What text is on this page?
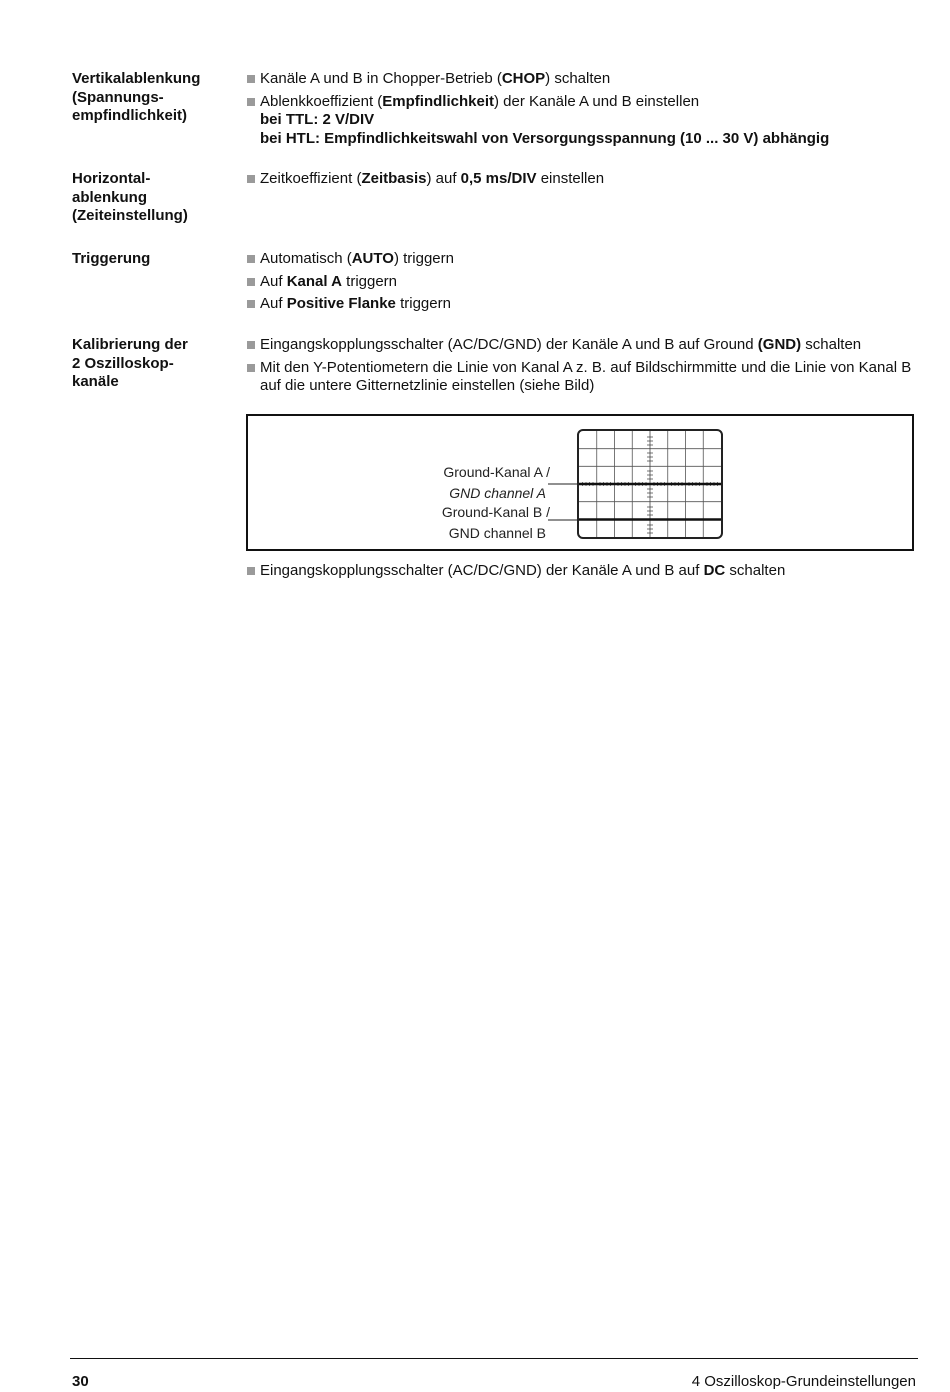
Vertikalablenkung
(Spannungs-
empfindlichkeit)
Kanäle A und B in Chopper-Betrieb (CHOP) schalten
Ablenkkoeffizient (Empfindlichkeit) der Kanäle A und B einstellen
bei TTL: 2 V/DIV
bei HTL: Empfindlichkeitswahl von Versorgungsspannung (10 ... 30 V) abhängig
Horizontal-
ablenkung
(Zeiteinstellung)
Zeitkoeffizient (Zeitbasis) auf 0,5 ms/DIV einstellen
Triggerung	Automatisch (AUTO) triggern
Auf Kanal A triggern
Auf Positive Flanke triggern
Kalibrierung der
2 Oszilloskop-
kanäle
Eingangskopplungsschalter (AC/DC/GND) der Kanäle A und B auf Ground (GND) schalten
Mit den Y-Potentiometern die Linie von Kanal A z. B. auf Bildschirmmitte und die Linie von Kanal B auf die untere Gitternetzlinie einstellen (siehe Bild)
Ground-Kanal A /
GND channel A
Ground-Kanal B /
GND channel B
Eingangskopplungsschalter (AC/DC/GND) der Kanäle A und B auf DC schalten
30	4 Oszilloskop-Grundeinstellungen
